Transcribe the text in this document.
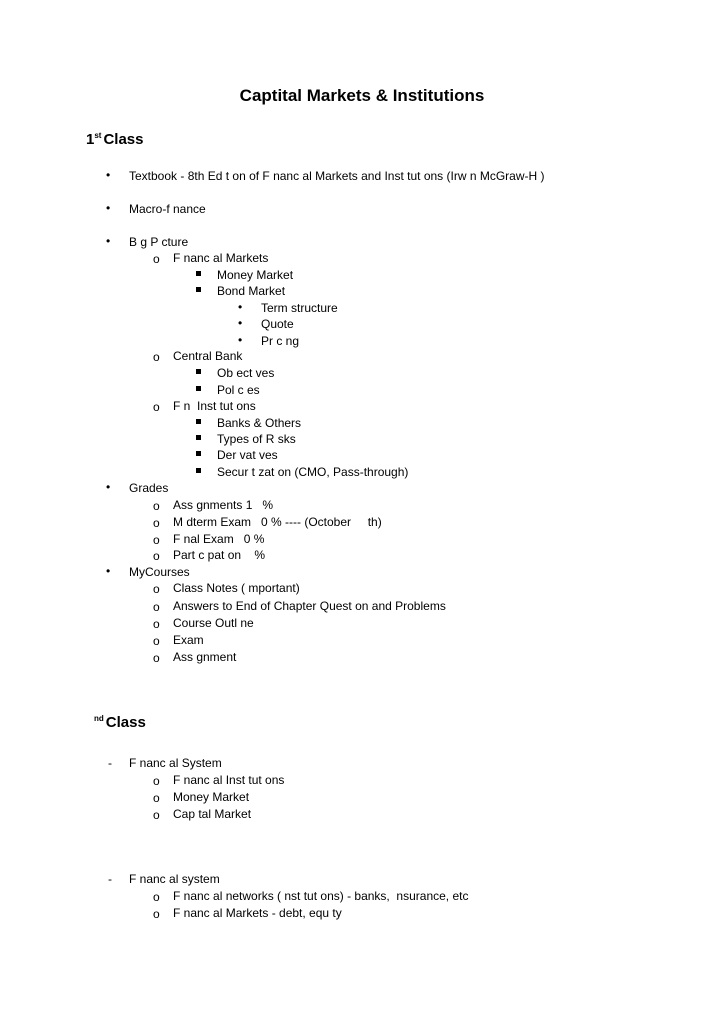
Captital Markets & Institutions
1st Class
• Textbook - 8th Ed t on of F nanc al Markets and Inst tut ons (Irw n McGraw-H )
• Macro-f nance
• B g P cture
o F nanc al Markets
Money Market
Bond Market
• Term structure
• Quote
• Pr c ng
o Central Bank
Ob ect ves
Pol c es
o F n  Inst tut ons
Banks & Others
Types of R sks
Der vat ves
Secur t zat on (CMO, Pass-through)
• Grades
o Ass gnments 1   %
o M dterm Exam   0 % ---- (October     th)
o F nal Exam   0 %
o Part c pat on    %
• MyCourses
o Class Notes ( mportant)
o Answers to End of Chapter Quest on and Problems
o Course Outl ne
o Exam
o Ass gnment
$^{nd}$ Class
- F nanc al System
o F nanc al Inst tut ons
o Money Market
o Cap tal Market
- F nanc al system
o F nanc al networks ( nst tut ons) - banks,  nsurance, etc
o F nanc al Markets - debt, equ ty
